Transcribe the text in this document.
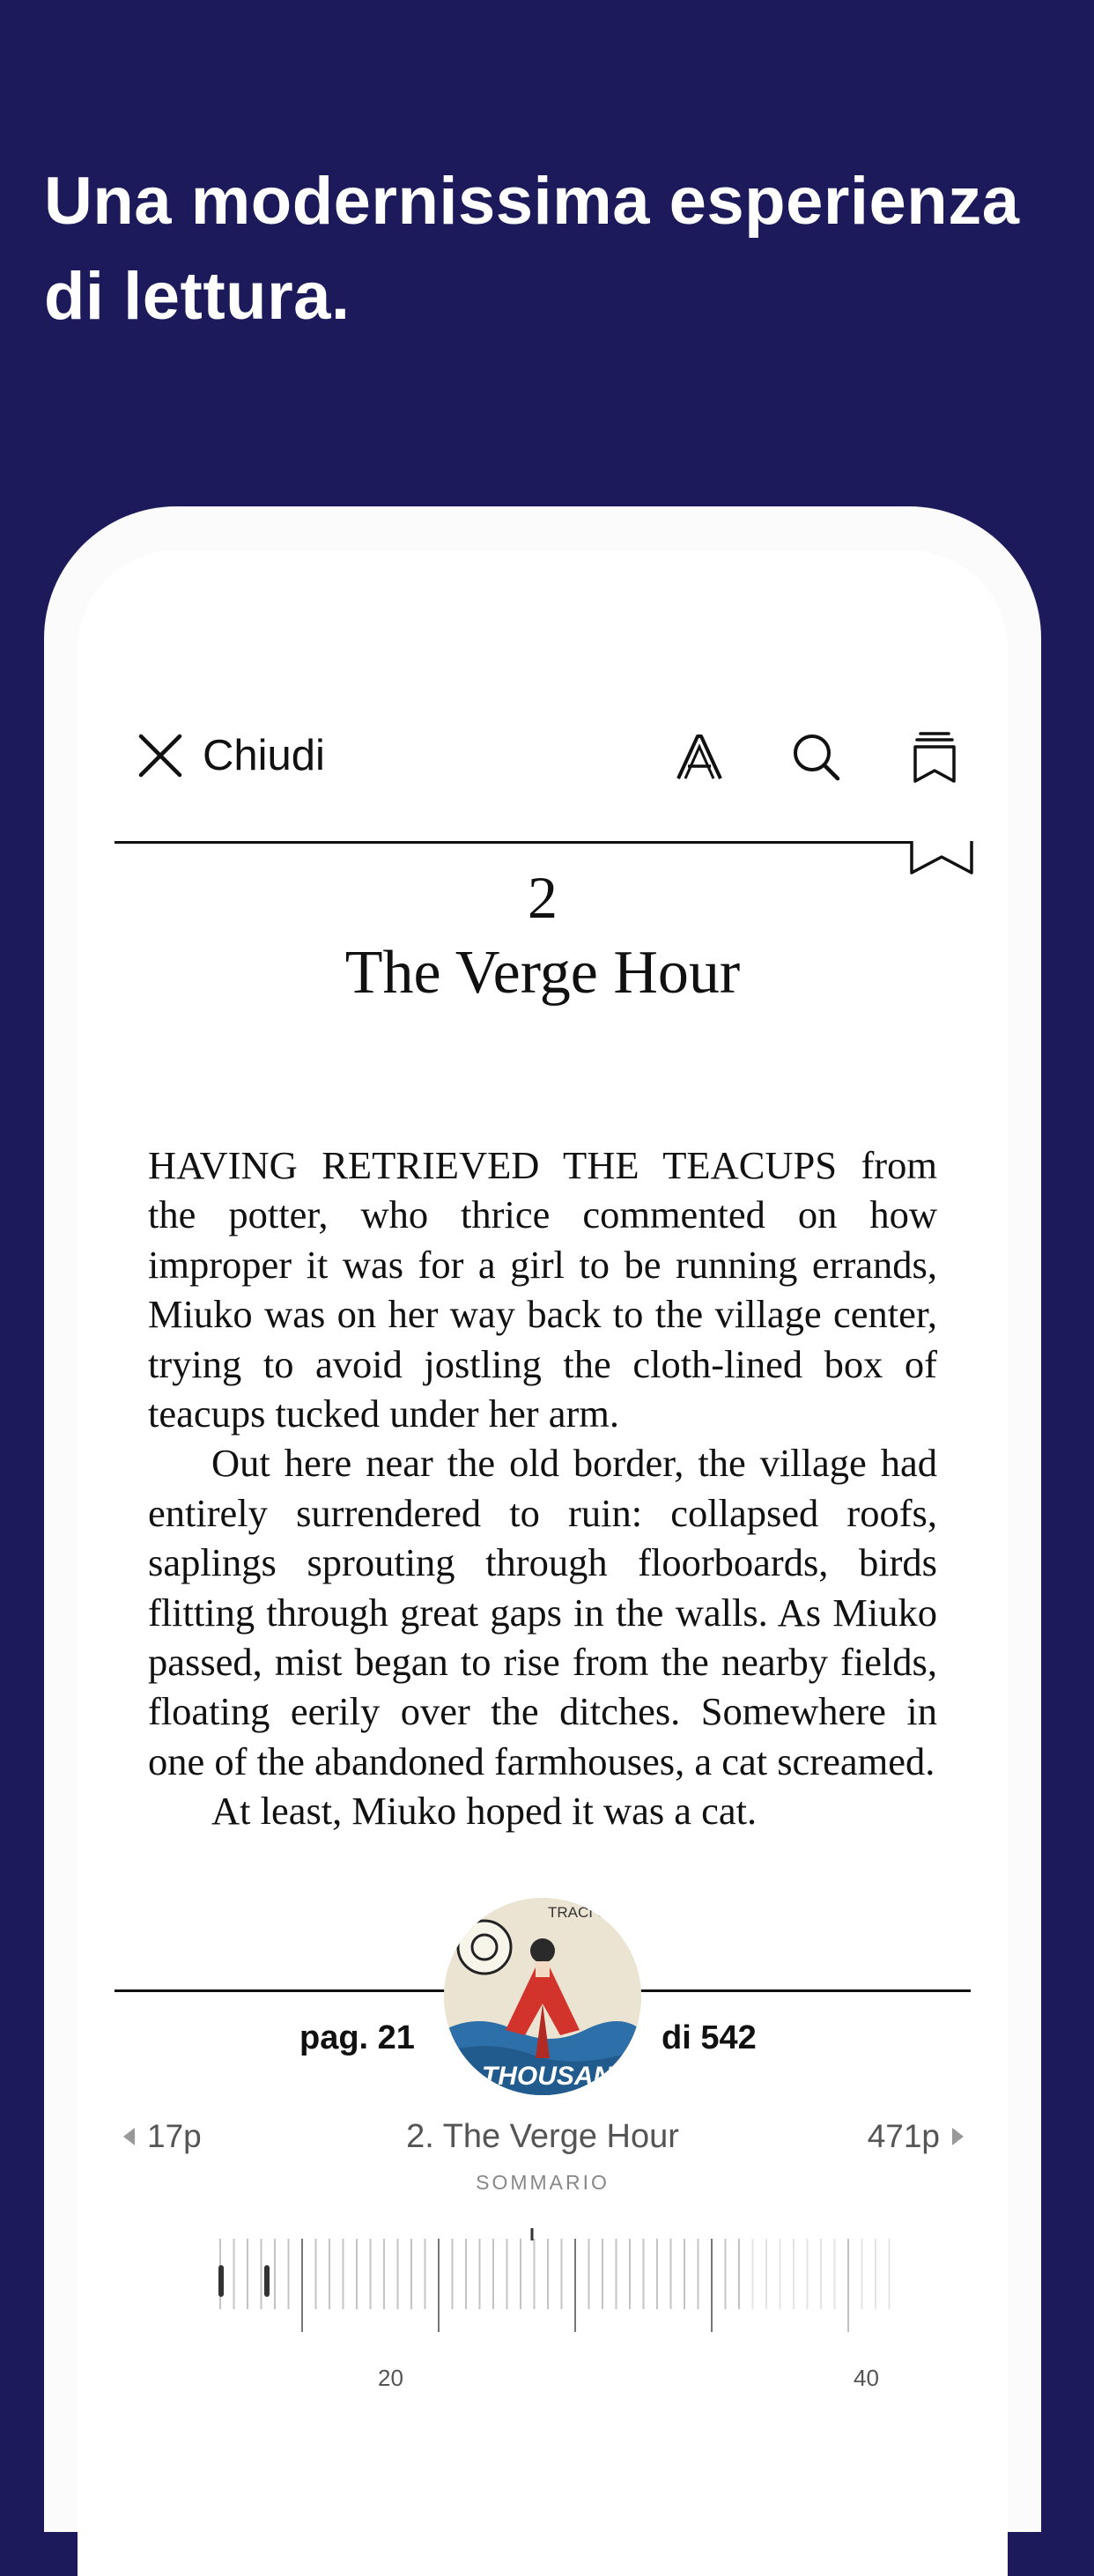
Una modernissima esperienza di lettura.
Chiudi
2
The Verge Hour

HAVING RETRIEVED THE TEACUPS from the potter, who thrice commented on how improper it was for a girl to be running errands, Miuko was on her way back to the village center, trying to avoid jostling the cloth-lined box of teacups tucked under her arm.

Out here near the old border, the village had entirely surrendered to ruin: collapsed roofs, saplings sprouting through floorboards, birds flitting through great gaps in the walls. As Miuko passed, mist began to rise from the nearby fields, floating eerily over the ditches. Somewhere in one of the abandoned farmhouses, a cat screamed.

At least, Miuko hoped it was a cat.

TRACI CHEE
A THOUSAND
pag. 21	di 542
17p	2. The Verge Hour	471p
SOMMARIO
20	40
